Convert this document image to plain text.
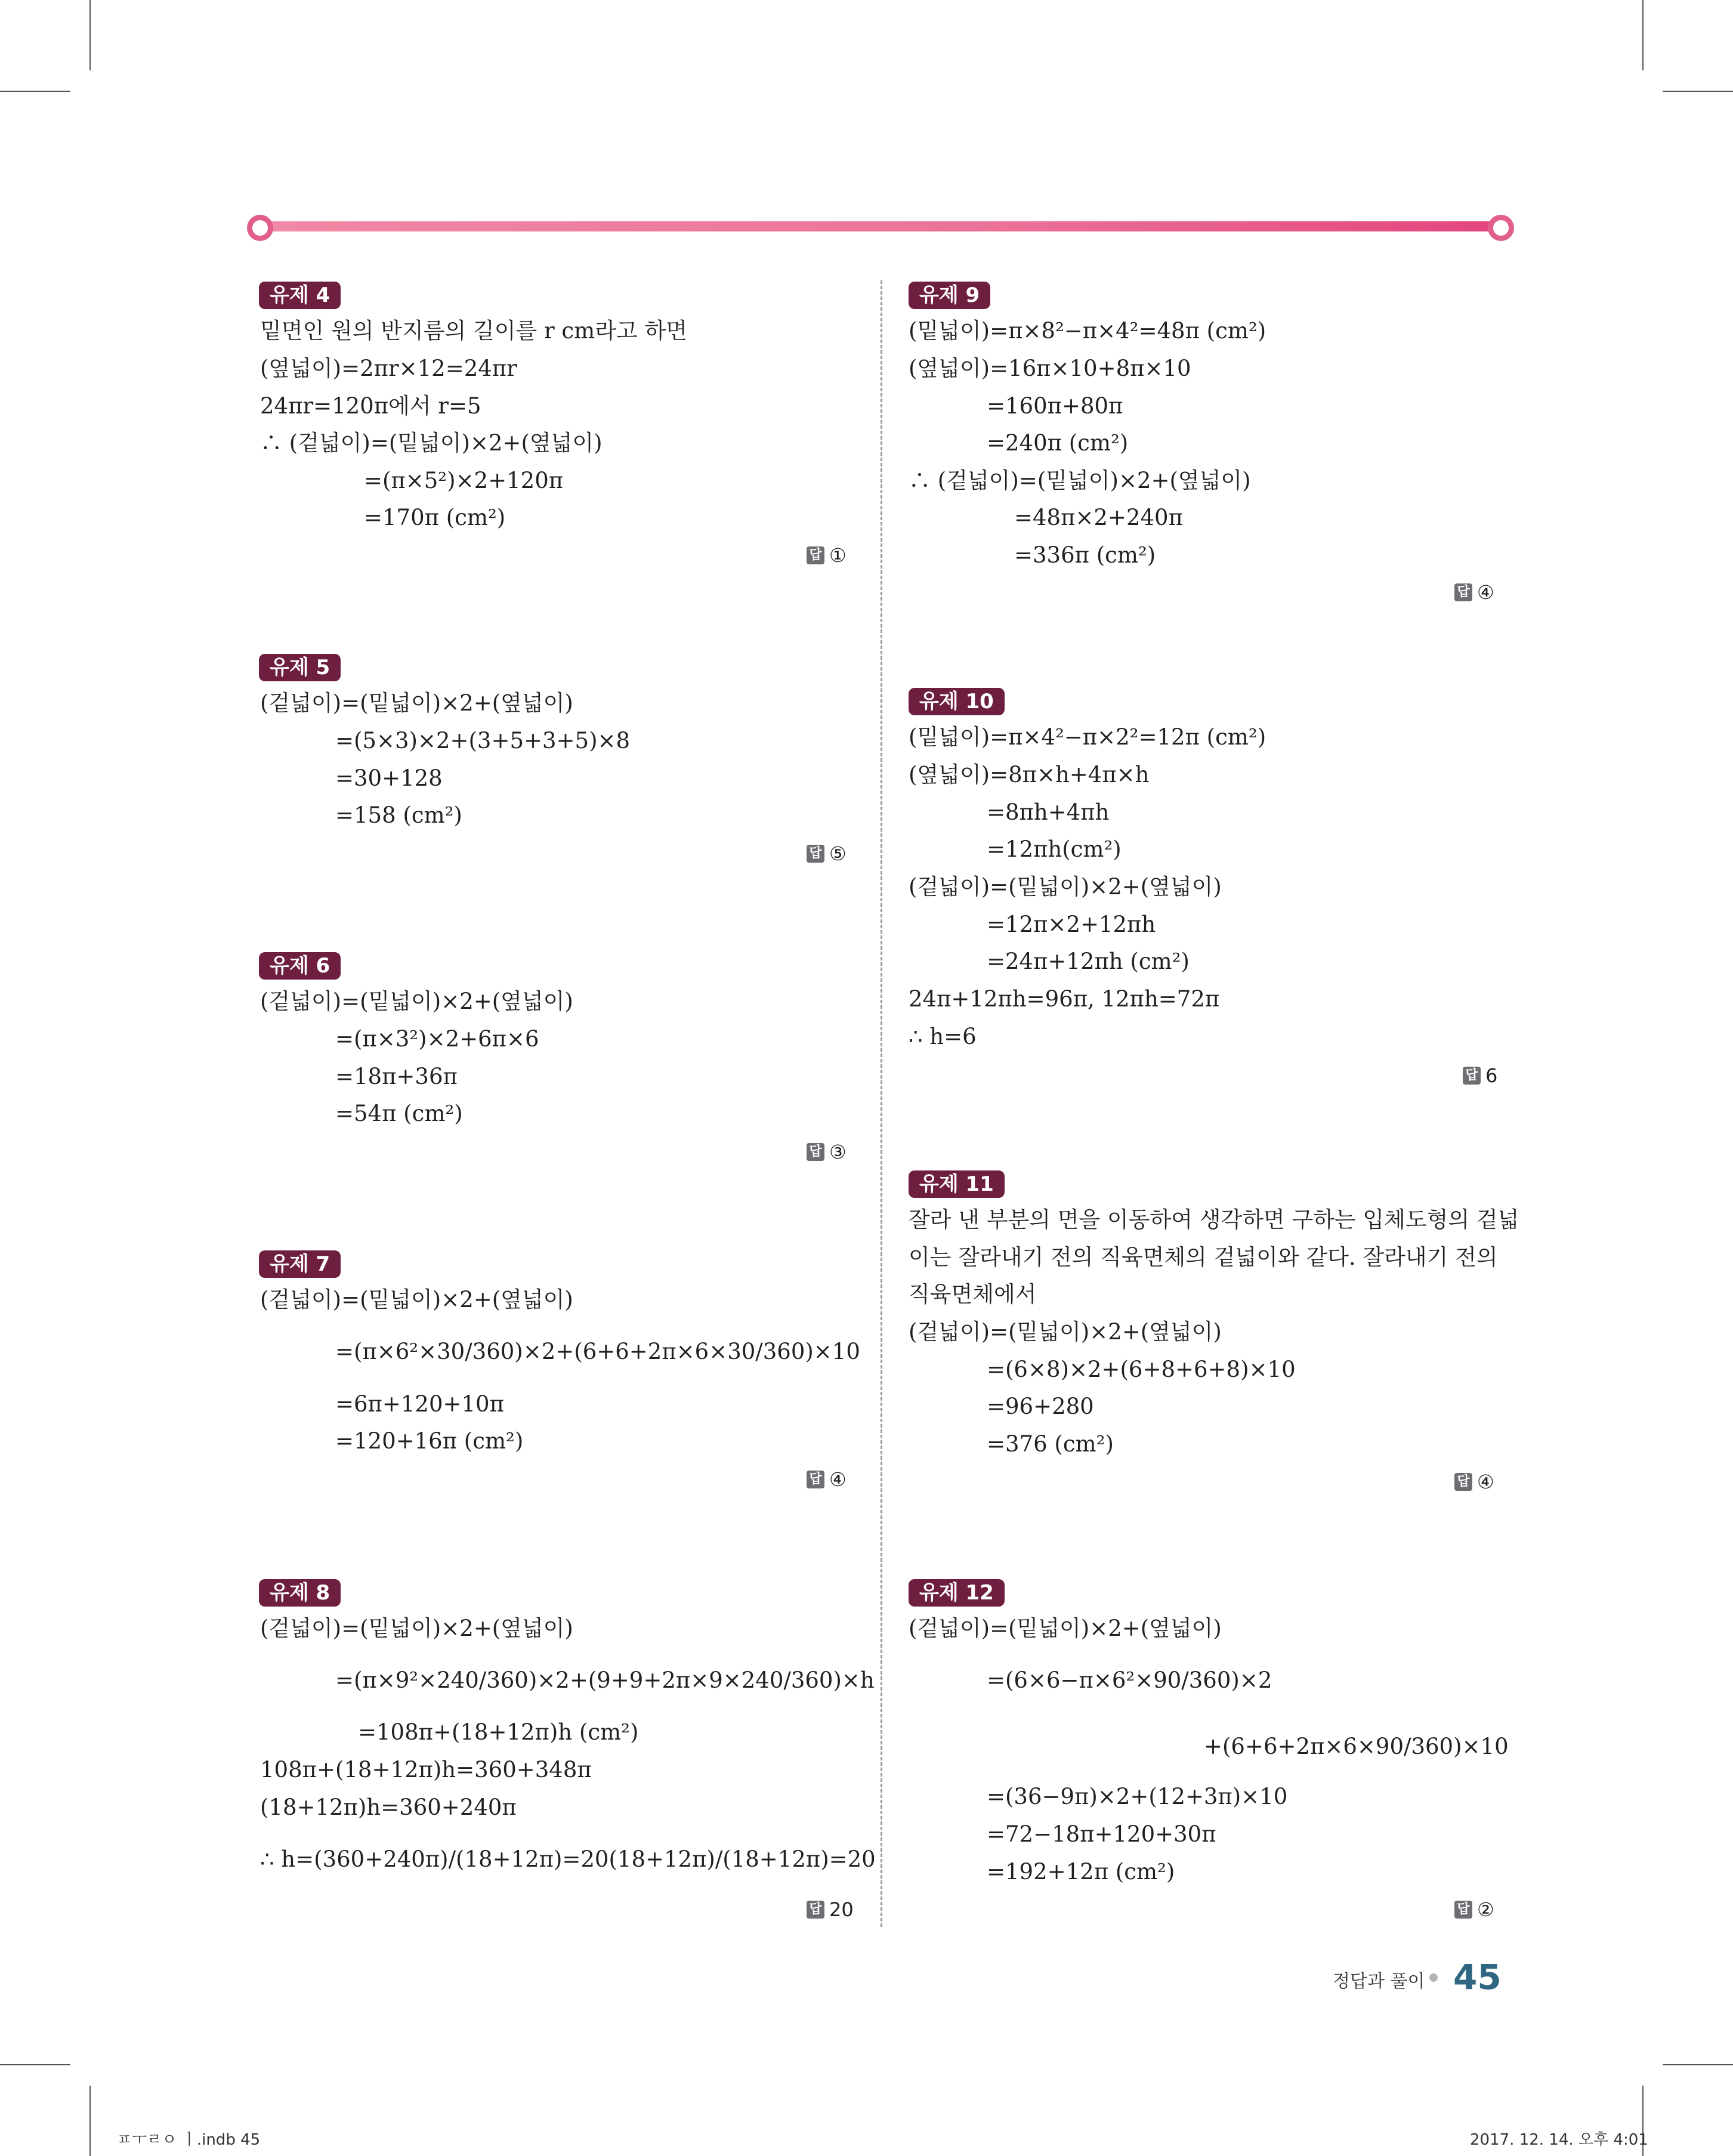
유제 4
밑면인 원의 반지름의 길이를 r cm라고 하면
(옆넓이)=2πr×12=24πr
24πr=120π에서 r=5
∴ (겉넓이)=(밑넓이)×2+(옆넓이)
=(π×5²)×2+120π
=170π (cm²)
답 ①
유제 5
(겉넓이)=(밑넓이)×2+(옆넓이)
=(5×3)×2+(3+5+3+5)×8
=30+128
=158 (cm²)
답 ⑤
유제 6
(겉넓이)=(밑넓이)×2+(옆넓이)
=(π×3²)×2+6π×6
=18π+36π
=54π (cm²)
답 ③
유제 7
(겉넓이)=(밑넓이)×2+(옆넓이)
=(π×6²×30/360)×2+(6+6+2π×6×30/360)×10
=6π+120+10π
=120+16π (cm²)
답 ④
유제 8
(겉넓이)=(밑넓이)×2+(옆넓이)
=(π×9²×240/360)×2+(9+9+2π×9×240/360)×h
=108π+(18+12π)h (cm²)
108π+(18+12π)h=360+348π
(18+12π)h=360+240π
∴ h=(360+240π)/(18+12π)=20(18+12π)/(18+12π)=20
답 20
유제 9
(밑넓이)=π×8²−π×4²=48π (cm²)
(옆넓이)=16π×10+8π×10
=160π+80π
=240π (cm²)
∴ (겉넓이)=(밑넓이)×2+(옆넓이)
=48π×2+240π
=336π (cm²)
답 ④
유제 10
(밑넓이)=π×4²−π×2²=12π (cm²)
(옆넓이)=8π×h+4π×h
=8πh+4πh
=12πh(cm²)
(겉넓이)=(밑넓이)×2+(옆넓이)
=12π×2+12πh
=24π+12πh (cm²)
24π+12πh=96π, 12πh=72π
∴ h=6
답 6
유제 11
잘라 낸 부분의 면을 이동하여 생각하면 구하는 입체도형의 겉넓
이는 잘라내기 전의 직육면체의 겉넓이와 같다. 잘라내기 전의
직육면체에서
(겉넓이)=(밑넓이)×2+(옆넓이)
=(6×8)×2+(6+8+6+8)×10
=96+280
=376 (cm²)
답 ④
유제 12
(겉넓이)=(밑넓이)×2+(옆넓이)
=(6×6−π×6²×90/360)×2
+(6+6+2π×6×90/360)×10
=(36−9π)×2+(12+3π)×10
=72−18π+120+30π
=192+12π (cm²)
답 ②
정답과 풀이 45
ㅍㅜㄹㅇ ㅣ.indb 45	2017. 12. 14. 오후 4:01
